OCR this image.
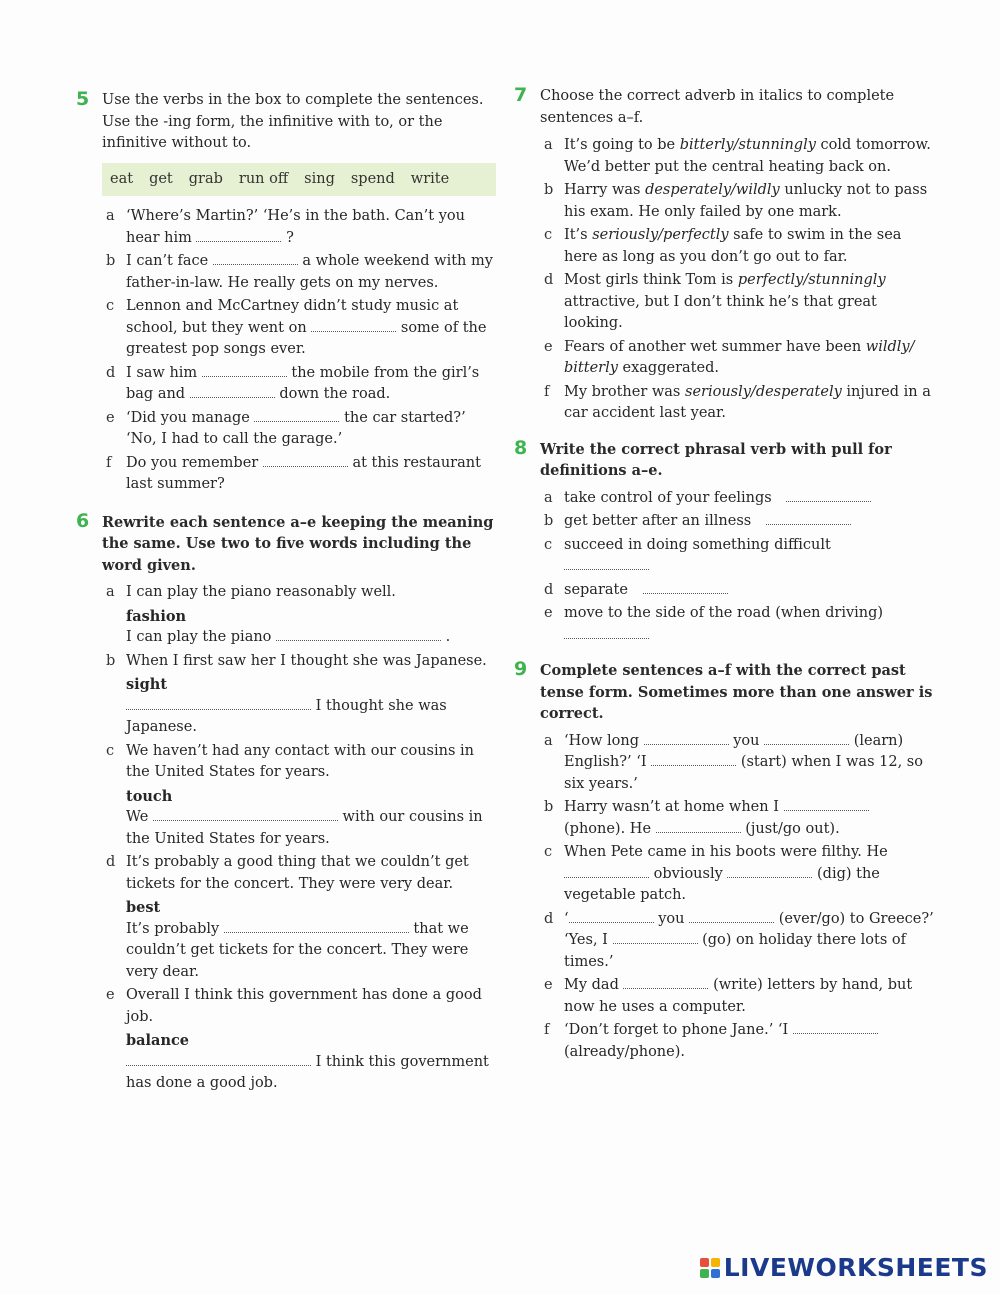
5 Use the verbs in the box to complete the sentences. Use the -ing form, the infinitive with to, or the infinitive without to.
eat get grab run off sing spend write
a ‘Where’s Martin?’ ‘He’s in the bath. Can’t you hear him	?
b I can’t face	a whole weekend with my father-in-law. He really gets on my nerves.
c Lennon and McCartney didn’t study music at school, but they went on	some of the greatest pop songs ever.
d I saw him	the mobile from the girl’s bag and	down the road.
e ‘Did you manage	the car started?’ ‘No, I had to call the garage.’
f Do you remember	at this restaurant last summer?
6 Rewrite each sentence a–e keeping the meaning the same. Use two to five words including the word given.
a I can play the piano reasonably well.
fashion
I can play the piano	.
b When I first saw her I thought she was Japanese.
sight
I thought she was Japanese.
c We haven’t had any contact with our cousins in the United States for years.
touch
We	with our cousins in the United States for years.
d It’s probably a good thing that we couldn’t get tickets for the concert. They were very dear.
best
It’s probably	that we couldn’t get tickets for the concert. They were very dear.
e Overall I think this government has done a good job.
balance
I think this government has done a good job.
7 Choose the correct adverb in italics to complete sentences a–f.
a It’s going to be bitterly/stunningly cold tomorrow. We’d better put the central heating back on.
b Harry was desperately/wildly unlucky not to pass his exam. He only failed by one mark.
c It’s seriously/perfectly safe to swim in the sea here as long as you don’t go out to far.
d Most girls think Tom is perfectly/stunningly attractive, but I don’t think he’s that great looking.
e Fears of another wet summer have been wildly/ bitterly exaggerated.
f My brother was seriously/desperately injured in a car accident last year.
8 Write the correct phrasal verb with pull for definitions a–e.
a take control of your feelings
b get better after an illness
c succeed in doing something difficult
d separate
e move to the side of the road (when driving)
9 Complete sentences a–f with the correct past tense form. Sometimes more than one answer is correct.
a ‘How long	you	(learn) English?’ ‘I	(start) when I was 12, so six years.’
b Harry wasn’t at home when I  (phone). He	(just/go out).
c When Pete came in his boots were filthy. He  obviously	(dig) the vegetable patch.
d ‘	you	(ever/go) to Greece?’ ‘Yes, I	(go) on holiday there lots of times.’
e My dad	(write) letters by hand, but now he uses a computer.
f ‘Don’t forget to phone Jane.’ ‘I  (already/phone).
LIVEWORKSHEETS
